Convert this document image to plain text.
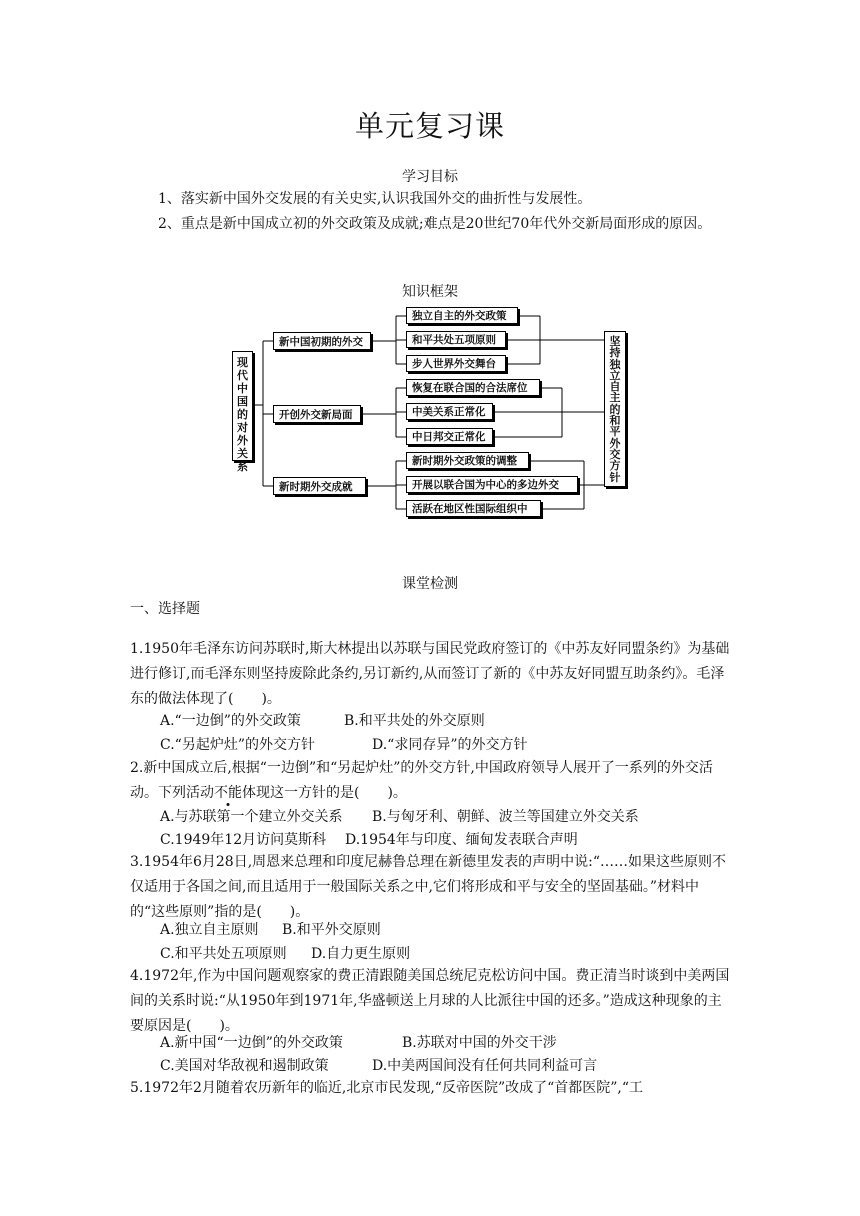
单元复习课
学习目标
1、落实新中国外交发展的有关史实,认识我国外交的曲折性与发展性。
2、重点是新中国成立初的外交政策及成就;难点是20世纪70年代外交新局面形成的原因。
知识框架
现
代
中
国
的
对
外
关
系
坚
持
独
立
自
主
的
和
平
外
交
方
针
新中国初期的外交
开创外交新局面
新时期外交成就
独立自主的外交政策
和平共处五项原则
步人世界外交舞台
恢复在联合国的合法席位
中美关系正常化
中日邦交正常化
新时期外交政策的调整
开展以联合国为中心的多边外交
活跃在地区性国际组织中
课堂检测
一、选择题
1.1950年毛泽东访问苏联时,斯大林提出以苏联与国民党政府签订的《中苏友好同盟条约》为基础进行修订,而毛泽东则坚持废除此条约,另订新约,从而签订了新的《中苏友好同盟互助条约》。毛泽东的做法体现了(　　)。
A.“一边倒”的外交政策	B.和平共处的外交原则
C.“另起炉灶”的外交方针	D.“求同存异”的外交方针
2.新中国成立后,根据“一边倒”和“另起炉灶”的外交方针,中国政府领导人展开了一系列的外交活动。下列活动不能体现这一方针的是(　　)。
A.与苏联第一个建立外交关系 B.与匈牙利、朝鲜、波兰等国建立外交关系
C.1949年12月访问莫斯科 D.1954年与印度、缅甸发表联合声明
3.1954年6月28日,周恩来总理和印度尼赫鲁总理在新德里发表的声明中说:“……如果这些原则不仅适用于各国之间,而且适用于一般国际关系之中,它们将形成和平与安全的坚固基础。”材料中的“这些原则”指的是(　　)。
A.独立自主原则 B.和平外交原则
C.和平共处五项原则 D.自力更生原则
4.1972年,作为中国问题观察家的费正清跟随美国总统尼克松访问中国。费正清当时谈到中美两国间的关系时说:“从1950年到1971年,华盛顿送上月球的人比派往中国的还多。”造成这种现象的主要原因是(　　)。
A.新中国“一边倒”的外交政策	B.苏联对中国的外交干涉
C.美国对华敌视和遏制政策	D.中美两国间没有任何共同利益可言
5.1972年2月随着农历新年的临近,北京市民发现,“反帝医院”改成了“首都医院”,“工
